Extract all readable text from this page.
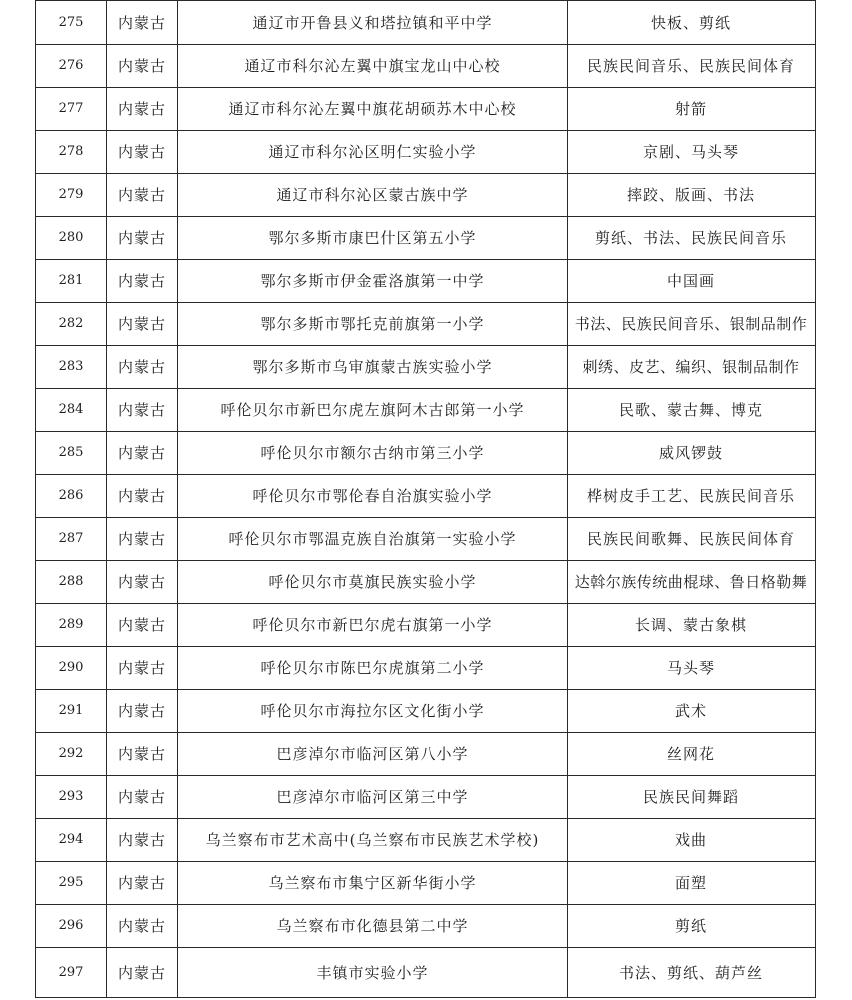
275	内蒙古	通辽市开鲁县义和塔拉镇和平中学	快板、剪纸
276	内蒙古	通辽市科尔沁左翼中旗宝龙山中心校	民族民间音乐、民族民间体育
277	内蒙古	通辽市科尔沁左翼中旗花胡硕苏木中心校	射箭
278	内蒙古	通辽市科尔沁区明仁实验小学	京剧、马头琴
279	内蒙古	通辽市科尔沁区蒙古族中学	摔跤、版画、书法
280	内蒙古	鄂尔多斯市康巴什区第五小学	剪纸、书法、民族民间音乐
281	内蒙古	鄂尔多斯市伊金霍洛旗第一中学	中国画
282	内蒙古	鄂尔多斯市鄂托克前旗第一小学	书法、民族民间音乐、银制品制作
283	内蒙古	鄂尔多斯市乌审旗蒙古族实验小学	刺绣、皮艺、编织、银制品制作
284	内蒙古	呼伦贝尔市新巴尔虎左旗阿木古郎第一小学	民歌、蒙古舞、博克
285	内蒙古	呼伦贝尔市额尔古纳市第三小学	威风锣鼓
286	内蒙古	呼伦贝尔市鄂伦春自治旗实验小学	桦树皮手工艺、民族民间音乐
287	内蒙古	呼伦贝尔市鄂温克族自治旗第一实验小学	民族民间歌舞、民族民间体育
288	内蒙古	呼伦贝尔市莫旗民族实验小学	达斡尔族传统曲棍球、鲁日格勒舞
289	内蒙古	呼伦贝尔市新巴尔虎右旗第一小学	长调、蒙古象棋
290	内蒙古	呼伦贝尔市陈巴尔虎旗第二小学	马头琴
291	内蒙古	呼伦贝尔市海拉尔区文化街小学	武术
292	内蒙古	巴彦淖尔市临河区第八小学	丝网花
293	内蒙古	巴彦淖尔市临河区第三中学	民族民间舞蹈
294	内蒙古	乌兰察布市艺术高中(乌兰察布市民族艺术学校)	戏曲
295	内蒙古	乌兰察布市集宁区新华街小学	面塑
296	内蒙古	乌兰察布市化德县第二中学	剪纸
297	内蒙古	丰镇市实验小学	书法、剪纸、葫芦丝
